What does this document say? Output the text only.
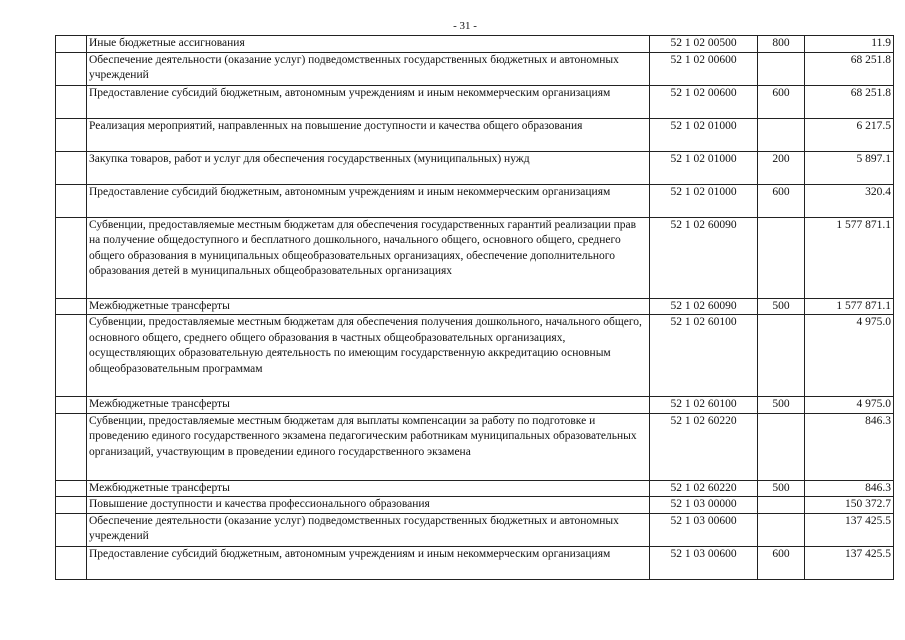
- 31 -
	Иные бюджетные ассигнования	52 1 02 00500	800	11.9
	Обеспечение деятельности (оказание услуг) подведомственных государственных бюджетных и автономных учреждений	52 1 02 00600		68 251.8
	Предоставление субсидий бюджетным, автономным учреждениям и иным некоммерческим организациям	52 1 02 00600	600	68 251.8
	Реализация мероприятий, направленных на повышение доступности и качества общего образования	52 1 02 01000		6 217.5
	Закупка товаров, работ и услуг для обеспечения государственных (муниципальных) нужд	52 1 02 01000	200	5 897.1
	Предоставление субсидий бюджетным, автономным учреждениям и иным некоммерческим организациям	52 1 02 01000	600	320.4
	Субвенции, предоставляемые местным бюджетам для обеспечения государственных гарантий реализации прав на получение общедоступного и бесплатного дошкольного, начального общего, основного общего, среднего общего образования в муниципальных общеобразовательных организациях, обеспечение дополнительного образования детей в муниципальных общеобразовательных организациях	52 1 02 60090		1 577 871.1
	Межбюджетные трансферты	52 1 02 60090	500	1 577 871.1
	Субвенции, предоставляемые местным бюджетам для обеспечения получения дошкольного, начального общего, основного общего, среднего общего образования в частных общеобразовательных организациях, осуществляющих образовательную деятельность по имеющим государственную аккредитацию основным общеобразовательным программам	52 1 02 60100		4 975.0
	Межбюджетные трансферты	52 1 02 60100	500	4 975.0
	Субвенции, предоставляемые местным бюджетам для выплаты компенсации за работу по подготовке и проведению единого государственного экзамена педагогическим работникам муниципальных образовательных организаций, участвующим в проведении единого государственного экзамена	52 1 02 60220		846.3
	Межбюджетные трансферты	52 1 02 60220	500	846.3
	Повышение доступности и качества профессионального образования	52 1 03 00000		150 372.7
	Обеспечение деятельности (оказание услуг) подведомственных государственных бюджетных и автономных учреждений	52 1 03 00600		137 425.5
	Предоставление субсидий бюджетным, автономным учреждениям и иным некоммерческим организациям	52 1 03 00600	600	137 425.5
